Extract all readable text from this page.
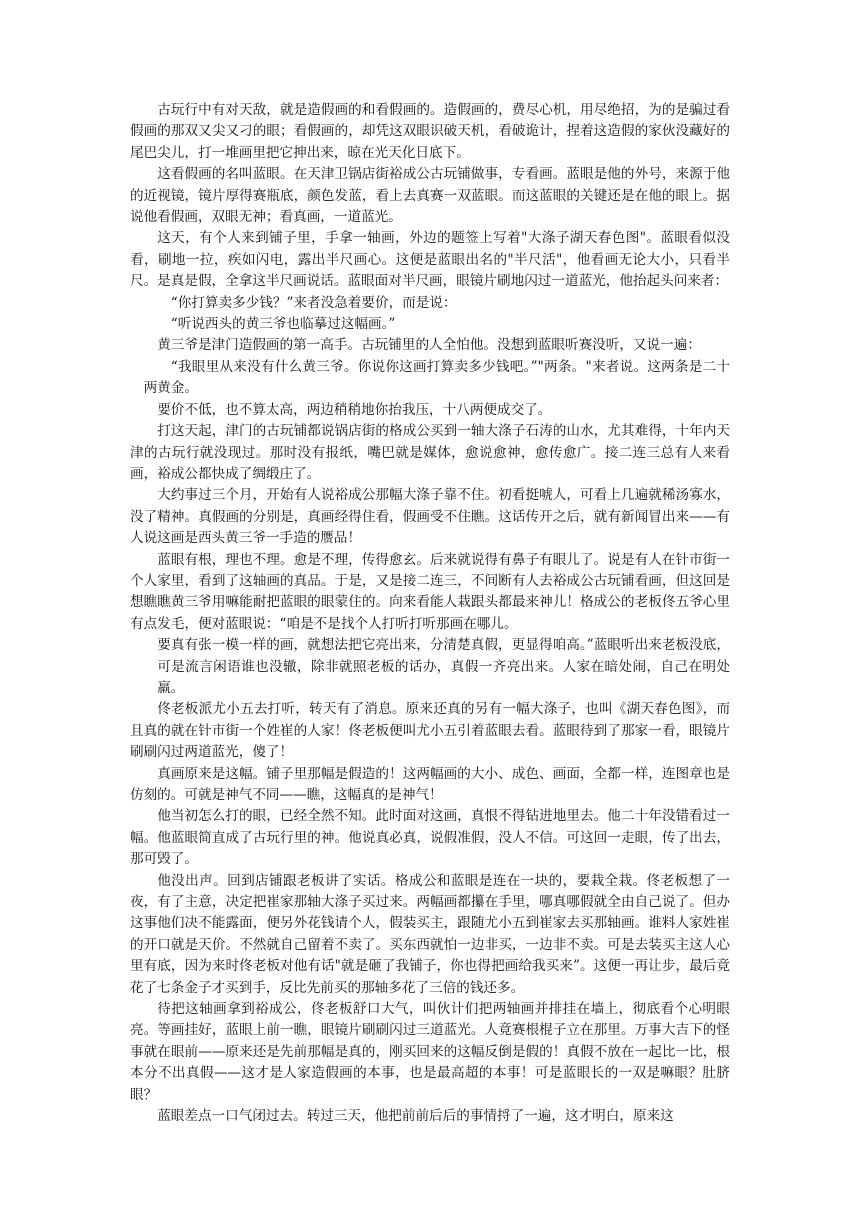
古玩行中有对天敌，就是造假画的和看假画的。造假画的，费尽心机，用尽绝招，为的是骗过看假画的那双又尖又刁的眼；看假画的，却凭这双眼识破天机，看破诡计，捏着这造假的家伙没藏好的尾巴尖儿，打一堆画里把它抻出来，晾在光天化日底下。

这看假画的名叫蓝眼。在天津卫锅店街裕成公古玩铺做事，专看画。蓝眼是他的外号，来源于他的近视镜，镜片厚得赛瓶底，颜色发蓝，看上去真赛一双蓝眼。而这蓝眼的关键还是在他的眼上。据说他看假画，双眼无神；看真画，一道蓝光。

这天，有个人来到铺子里，手拿一轴画，外边的题签上写着"大涤子湖天春色图"。蓝眼看似没看，刷地一拉，疾如闪电，露出半尺画心。这便是蓝眼出名的"半尺活"，他看画无论大小，只看半尺。是真是假，全拿这半尺画说话。蓝眼面对半尺画，眼镜片刷地闪过一道蓝光，他抬起头问来者：

“你打算卖多少钱？”来者没急着要价，而是说：

“听说西头的黄三爷也临摹过这幅画。”

黄三爷是津门造假画的第一高手。古玩铺里的人全怕他。没想到蓝眼听赛没听，又说一遍：

“我眼里从来没有什么黄三爷。你说你这画打算卖多少钱吧。”"两条。"来者说。这两条是二十两黄金。

要价不低，也不算太高，两边稍稍地你抬我压，十八两便成交了。

打这天起，津门的古玩铺都说锅店街的格成公买到一轴大涤子石涛的山水，尤其难得，十年内天津的古玩行就没现过。那时没有报纸，嘴巴就是媒体，愈说愈神，愈传愈广。接二连三总有人来看画，裕成公都快成了绸缎庄了。

大约事过三个月，开始有人说裕成公那幅大涤子靠不住。初看挺唬人，可看上几遍就稀汤寡水，没了精神。真假画的分别是，真画经得住看，假画受不住瞧。这话传开之后，就有新闻冒出来——有人说这画是西头黄三爷一手造的赝品！

蓝眼有根，理也不理。愈是不理，传得愈玄。后来就说得有鼻子有眼儿了。说是有人在针市街一个人家里，看到了这轴画的真品。于是，又是接二连三，不间断有人去裕成公古玩铺看画，但这回是想瞧瞧黄三爷用嘛能耐把蓝眼的眼蒙住的。向来看能人栽跟头都最来神儿！格成公的老板佟五爷心里有点发毛，便对蓝眼说：“咱是不是找个人打听打听那画在哪儿。

要真有张一模一样的画，就想法把它亮出来，分清楚真假，更显得咱高。”蓝眼听出来老板没底，可是流言闲语谁也没辙，除非就照老板的话办，真假一齐亮出来。人家在暗处闹，自己在明处羸。

佟老板派尤小五去打听，转天有了消息。原来还真的另有一幅大涤子，也叫《湖天春色图》，而且真的就在针市街一个姓崔的人家！佟老板便叫尤小五引着蓝眼去看。蓝眼待到了那家一看，眼镜片刷刷闪过两道蓝光，傻了！

真画原来是这幅。铺子里那幅是假造的！这两幅画的大小、成色、画面，全都一样，连图章也是仿刻的。可就是神气不同——瞧，这幅真的是神气！

他当初怎么打的眼，已经全然不知。此时面对这画，真恨不得钻进地里去。他二十年没错看过一幅。他蓝眼简直成了古玩行里的神。他说真必真，说假准假，没人不信。可这回一走眼，传了出去，那可毁了。

他没出声。回到店铺跟老板讲了实话。格成公和蓝眼是连在一块的，要栽全栽。佟老板想了一夜，有了主意，决定把崔家那轴大涤子买过来。两幅画都攥在手里，哪真哪假就全由自己说了。但办这事他们决不能露面，便另外花钱请个人，假装买主，跟随尤小五到崔家去买那轴画。谁料人家姓崔的开口就是天价。不然就自己留着不卖了。买东西就怕一边非买，一边非不卖。可是去装买主这人心里有底，因为来时佟老板对他有话"就是砸了我铺子，你也得把画给我买来”。这便一再让步，最后竟花了七条金子才买到手，反比先前买的那轴多花了三倍的钱还多。

待把这轴画拿到裕成公，佟老板舒口大气，叫伙计们把两轴画并排挂在墙上，彻底看个心明眼亮。等画挂好，蓝眼上前一瞧，眼镜片刷刷闪过三道蓝光。人竟赛根棍子立在那里。万事大吉下的怪事就在眼前——原来还是先前那幅是真的，刚买回来的这幅反倒是假的！真假不放在一起比一比，根本分不出真假——这才是人家造假画的本事，也是最高超的本事！可是蓝眼长的一双是嘛眼？肚脐眼？

蓝眼差点一口气闭过去。转过三天，他把前前后后的事情捋了一遍，这才明白，原来这
